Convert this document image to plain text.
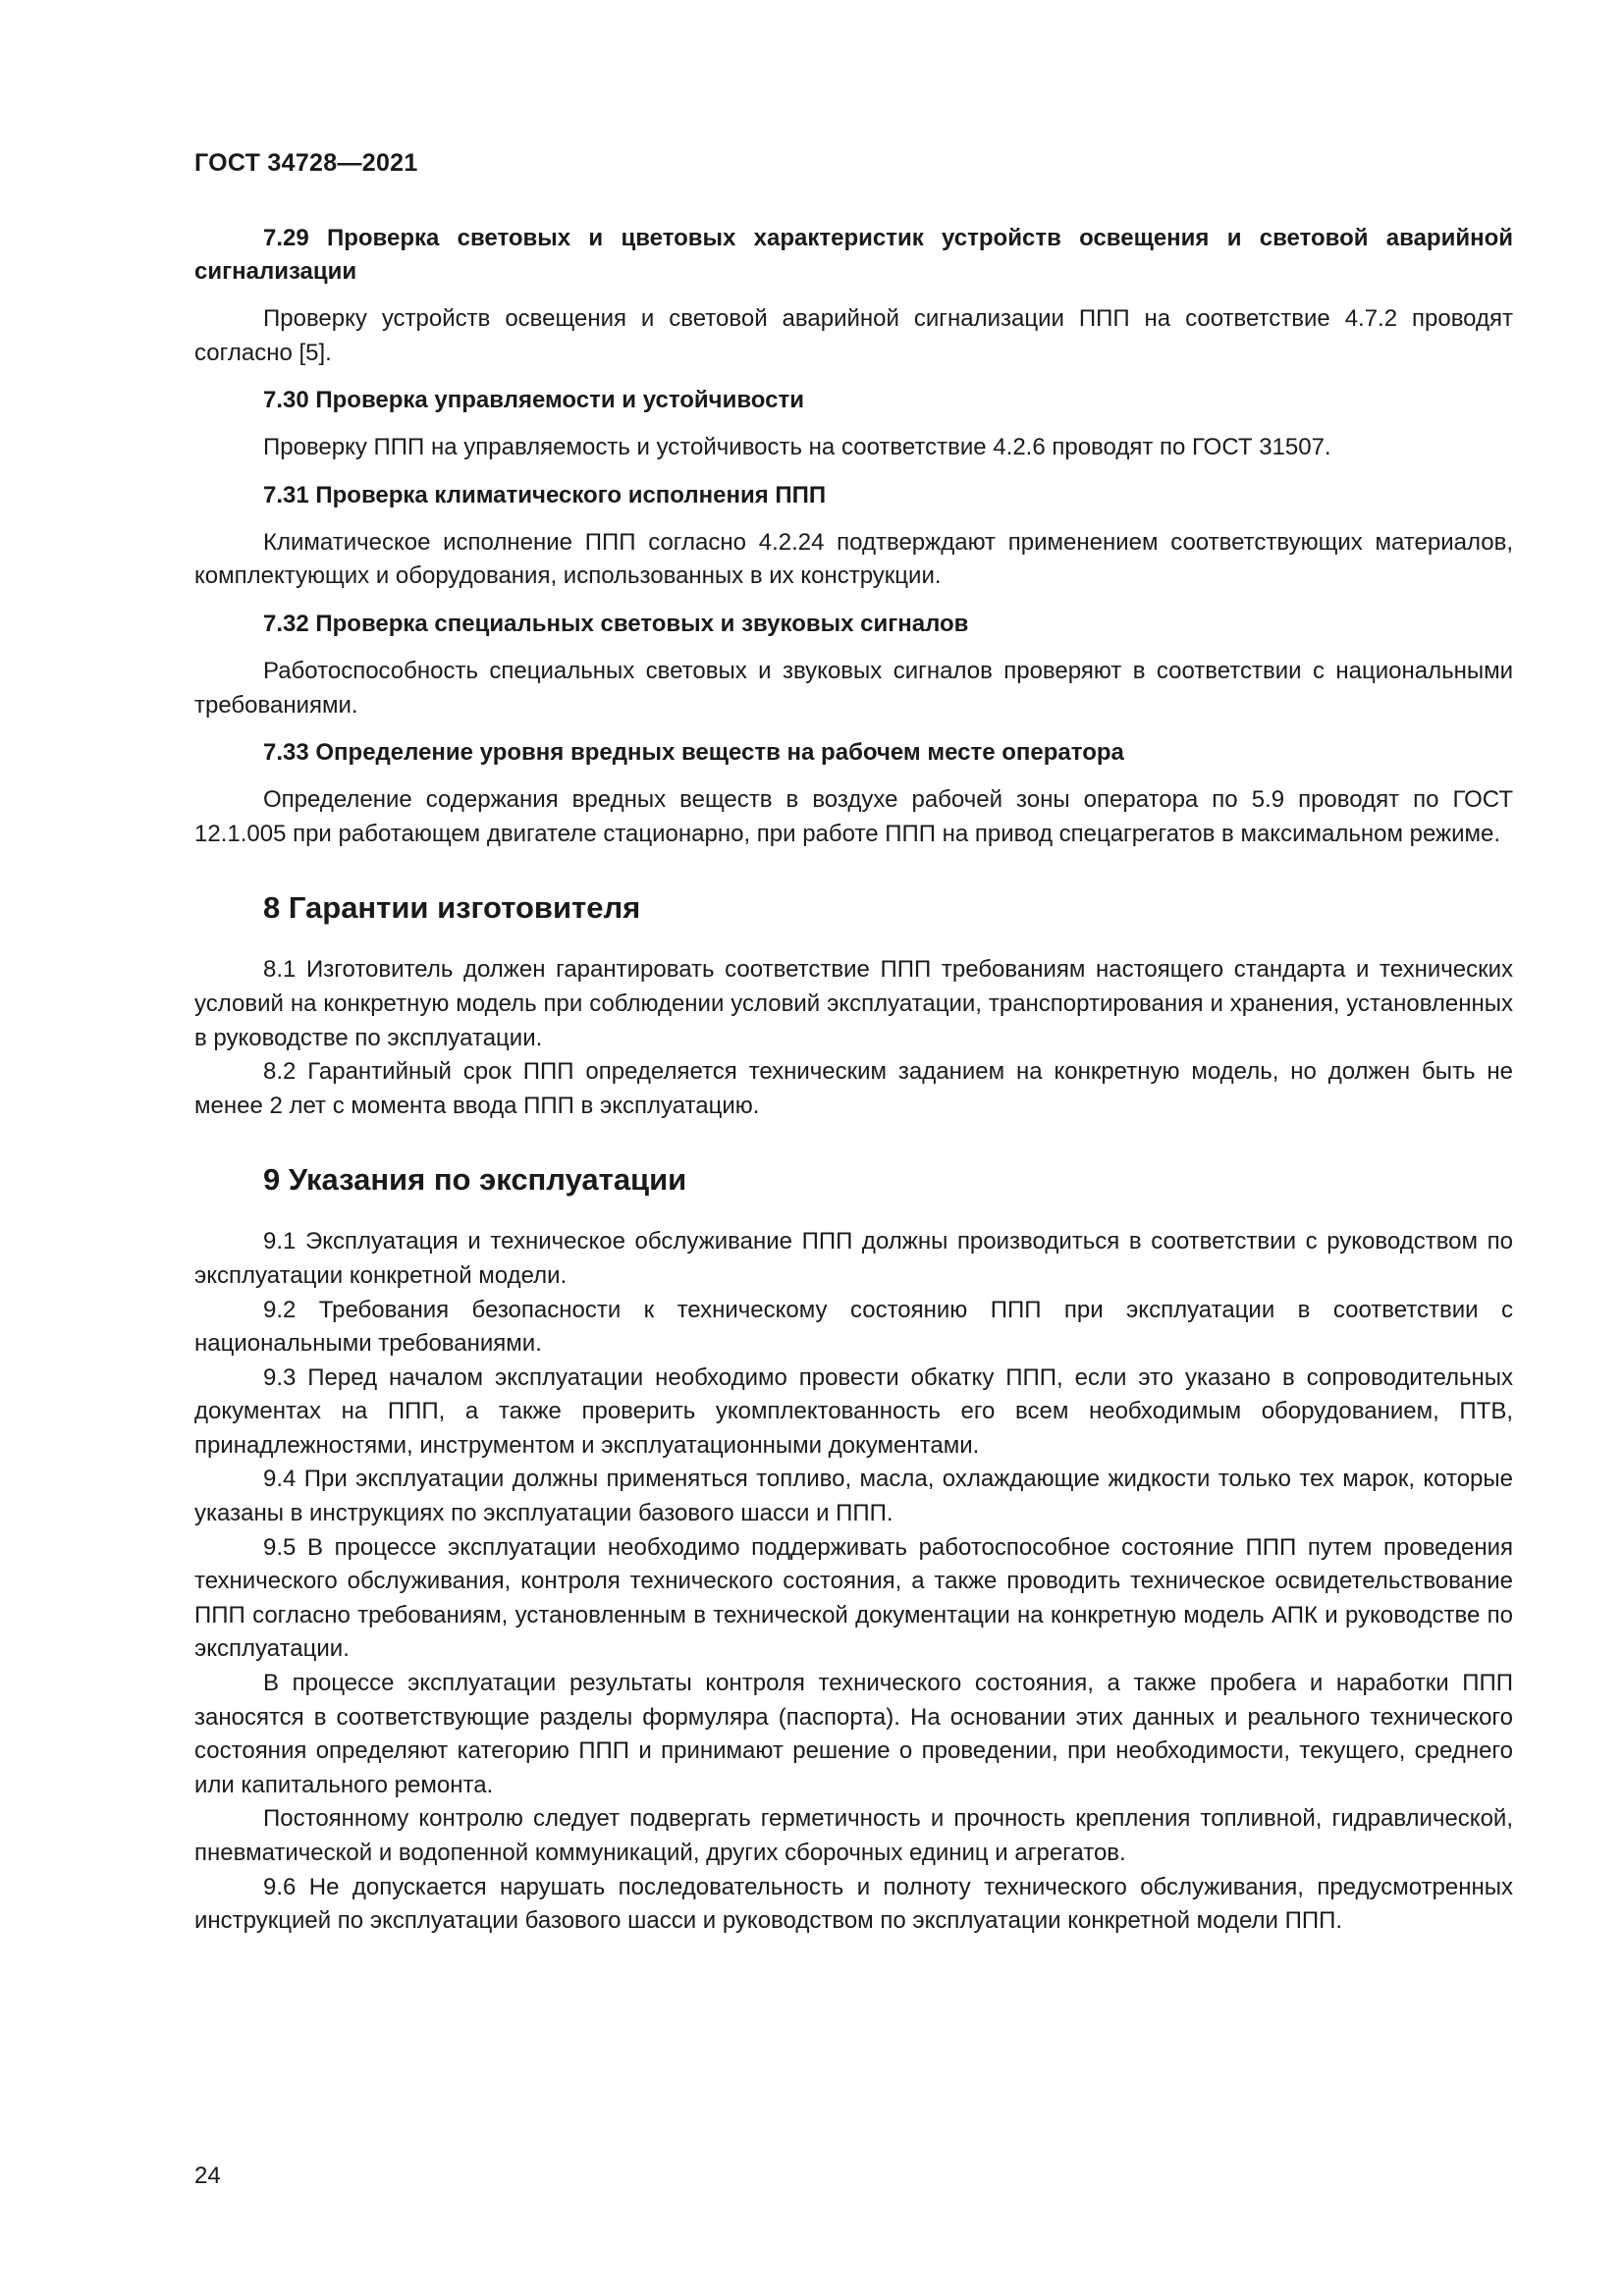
ГОСТ 34728—2021

7.29 Проверка световых и цветовых характеристик устройств освещения и световой аварийной сигнализации

Проверку устройств освещения и световой аварийной сигнализации ППП на соответствие 4.7.2 проводят согласно [5].

7.30 Проверка управляемости и устойчивости

Проверку ППП на управляемость и устойчивость на соответствие 4.2.6 проводят по ГОСТ 31507.

7.31 Проверка климатического исполнения ППП

Климатическое исполнение ППП согласно 4.2.24 подтверждают применением соответствующих материалов, комплектующих и оборудования, использованных в их конструкции.

7.32 Проверка специальных световых и звуковых сигналов

Работоспособность специальных световых и звуковых сигналов проверяют в соответствии с национальными требованиями.

7.33 Определение уровня вредных веществ на рабочем месте оператора

Определение содержания вредных веществ в воздухе рабочей зоны оператора по 5.9 проводят по ГОСТ 12.1.005 при работающем двигателе стационарно, при работе ППП на привод спецагрегатов в максимальном режиме.

8 Гарантии изготовителя

8.1 Изготовитель должен гарантировать соответствие ППП требованиям настоящего стандарта и технических условий на конкретную модель при соблюдении условий эксплуатации, транспортирования и хранения, установленных в руководстве по эксплуатации.

8.2 Гарантийный срок ППП определяется техническим заданием на конкретную модель, но должен быть не менее 2 лет с момента ввода ППП в эксплуатацию.

9 Указания по эксплуатации

9.1 Эксплуатация и техническое обслуживание ППП должны производиться в соответствии с руководством по эксплуатации конкретной модели.

9.2 Требования безопасности к техническому состоянию ППП при эксплуатации в соответствии с национальными требованиями.

9.3 Перед началом эксплуатации необходимо провести обкатку ППП, если это указано в сопроводительных документах на ППП, а также проверить укомплектованность его всем необходимым оборудованием, ПТВ, принадлежностями, инструментом и эксплуатационными документами.

9.4 При эксплуатации должны применяться топливо, масла, охлаждающие жидкости только тех марок, которые указаны в инструкциях по эксплуатации базового шасси и ППП.

9.5 В процессе эксплуатации необходимо поддерживать работоспособное состояние ППП путем проведения технического обслуживания, контроля технического состояния, а также проводить техническое освидетельствование ППП согласно требованиям, установленным в технической документации на конкретную модель АПК и руководстве по эксплуатации.

В процессе эксплуатации результаты контроля технического состояния, а также пробега и наработки ППП заносятся в соответствующие разделы формуляра (паспорта). На основании этих данных и реального технического состояния определяют категорию ППП и принимают решение о проведении, при необходимости, текущего, среднего или капитального ремонта.

Постоянному контролю следует подвергать герметичность и прочность крепления топливной, гидравлической, пневматической и водопенной коммуникаций, других сборочных единиц и агрегатов.

9.6 Не допускается нарушать последовательность и полноту технического обслуживания, предусмотренных инструкцией по эксплуатации базового шасси и руководством по эксплуатации конкретной модели ППП.

24
